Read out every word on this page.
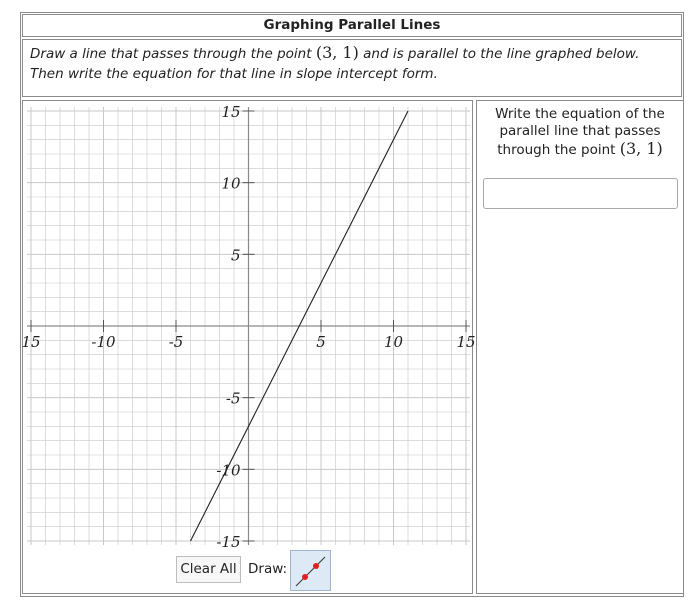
Graphing Parallel Lines
Draw a line that passes through the point (3, 1) and is parallel to the line graphed below. Then write the equation for that line in slope intercept form.
15	-10	-5	5	10	15
15
10
5
-5
-10
-15
Write the equation of the parallel line that passes through the point (3, 1)
Clear All Draw:
